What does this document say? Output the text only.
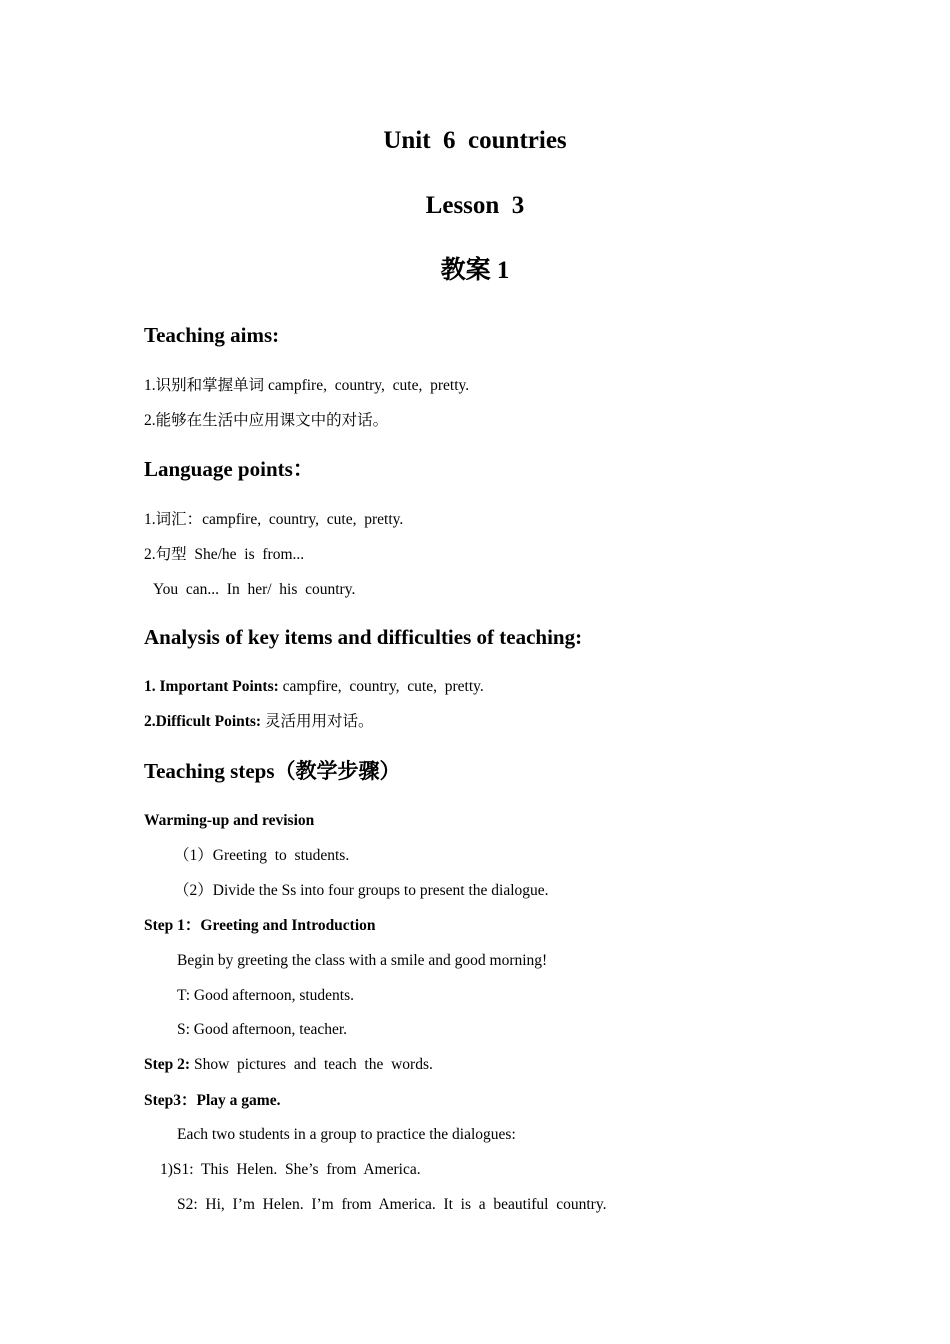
Unit  6  countries
Lesson  3
教案 1
Teaching aims:
1.识别和掌握单词 campfire,  country,  cute,  pretty.
2.能够在生活中应用课文中的对话。
Language points：
1.词汇：campfire,  country,  cute,  pretty.
2.句型  She/he  is  from...
You  can...  In  her/  his  country.
Analysis of key items and difficulties of teaching:
1. Important Points: campfire,  country,  cute,  pretty.
2.Difficult Points: 灵活用用对话。
Teaching steps（教学步骤）
Warming-up and revision
（1）Greeting  to  students.
（2）Divide the Ss into four groups to present the dialogue.
Step 1：Greeting and Introduction
Begin by greeting the class with a smile and good morning!
T: Good afternoon, students.
S: Good afternoon, teacher.
Step 2: Show  pictures  and  teach  the  words.
Step3：Play a game.
Each two students in a group to practice the dialogues:
1)S1:  This  Helen.  She’s  from  America.
S2:  Hi,  I’m  Helen.  I’m  from  America.  It  is  a  beautiful  country.
